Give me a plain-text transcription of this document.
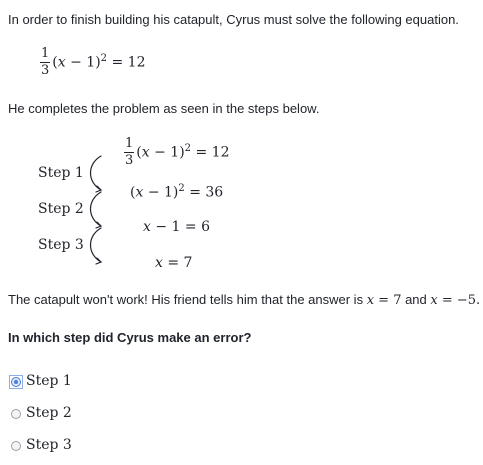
In order to finish building his catapult, Cyrus must solve the following equation.
$\frac{1}{3} (x - 1)^2 = 12$
He completes the problem as seen in the steps below.
$\frac{1}{3} (x - 1)^2 = 12$
$(x - 1)^2 = 36$
x − 1 = 6
x = 7
Step 1
Step 2
Step 3
The catapult won't work! His friend tells him that the answer is x = 7 and x = −5.
In which step did Cyrus make an error?
Step 1
Step 2
Step 3
